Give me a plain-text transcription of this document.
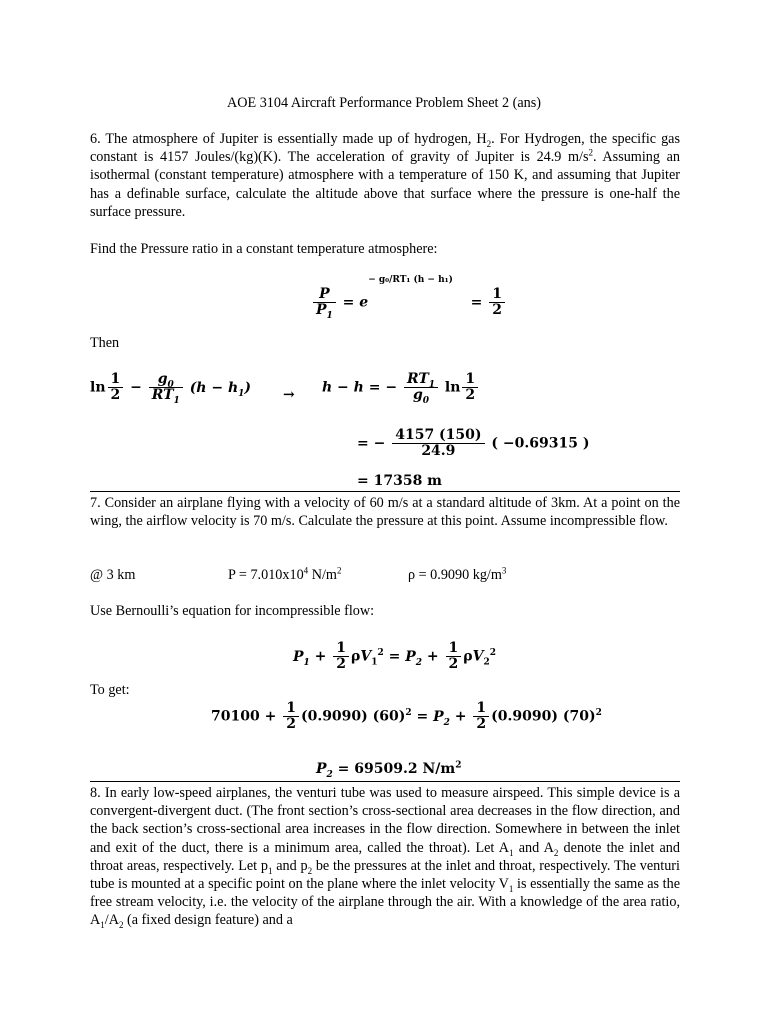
AOE 3104 Aircraft Performance Problem Sheet 2 (ans)
6. The atmosphere of Jupiter is essentially made up of hydrogen, $H_2$. For Hydrogen, the specific gas constant is 4157 Joules/(kg)(K). The acceleration of gravity of Jupiter is 24.9 $m/s^2$. Assuming an isothermal (constant temperature) atmosphere with a temperature of 150 K, and assuming that Jupiter has a definable surface, calculate the altitude above that surface where the pressure is one-half the surface pressure.
Find the Pressure ratio in a constant temperature atmosphere:
$\frac{P}{P_1} = e- g_0/RT_1$ $(h - h_1) = \frac{1}{2}$
Then
$\ln \frac{1}{2} - \frac{g_0}{RT_1} (h - h_1) \to h - h$ = − $\frac{RT_1}{g_0}$ $\ln \frac{1}{2}$
= − $\frac{4157 (150)}{24.9}$ ( −0.69315 )
= 17358 m
7. Consider an airplane flying with a velocity of 60 m/s at a standard altitude of 3km. At a point on the wing, the airflow velocity is 70 m/s. Calculate the pressure at this point. Assume incompressible flow.
@ 3 km	$P = 7.010x10^4$ $N/m^2$	ρ = 0.9090 $kg/m^3$
Use Bernoulli’s equation for incompressible flow:
$P_1 + \frac{1}{2} \rho V_1^2 = P_2 + \frac{1}{2} \rho V_2^2$
To get:
$70100 + \frac{1}{2} (0.9090) (60)^2 = P_2 + \frac{1}{2} (0.9090)$ $(70)^2$
$P_2 = 69509.2$ $N/m^2$
8. In early low-speed airplanes, the venturi tube was used to measure airspeed. This simple device is a convergent-divergent duct. (The front section’s cross-sectional area decreases in the flow direction, and the back section’s cross-sectional area increases in the flow direction. Somewhere in between the inlet and exit of the duct, there is a minimum area, called the throat). Let $A_1$ and $A_2$ denote the inlet and throat areas, respectively. Let $p_1$ and $p_2$ be the pressures at the inlet and throat, respectively. The venturi tube is mounted at a specific point on the plane where the inlet velocity $V_1$ is essentially the same as the free stream velocity, i.e. the velocity of the airplane through the air. With a knowledge of the area ratio, $A_1/A_2$ (a fixed design feature) and a
